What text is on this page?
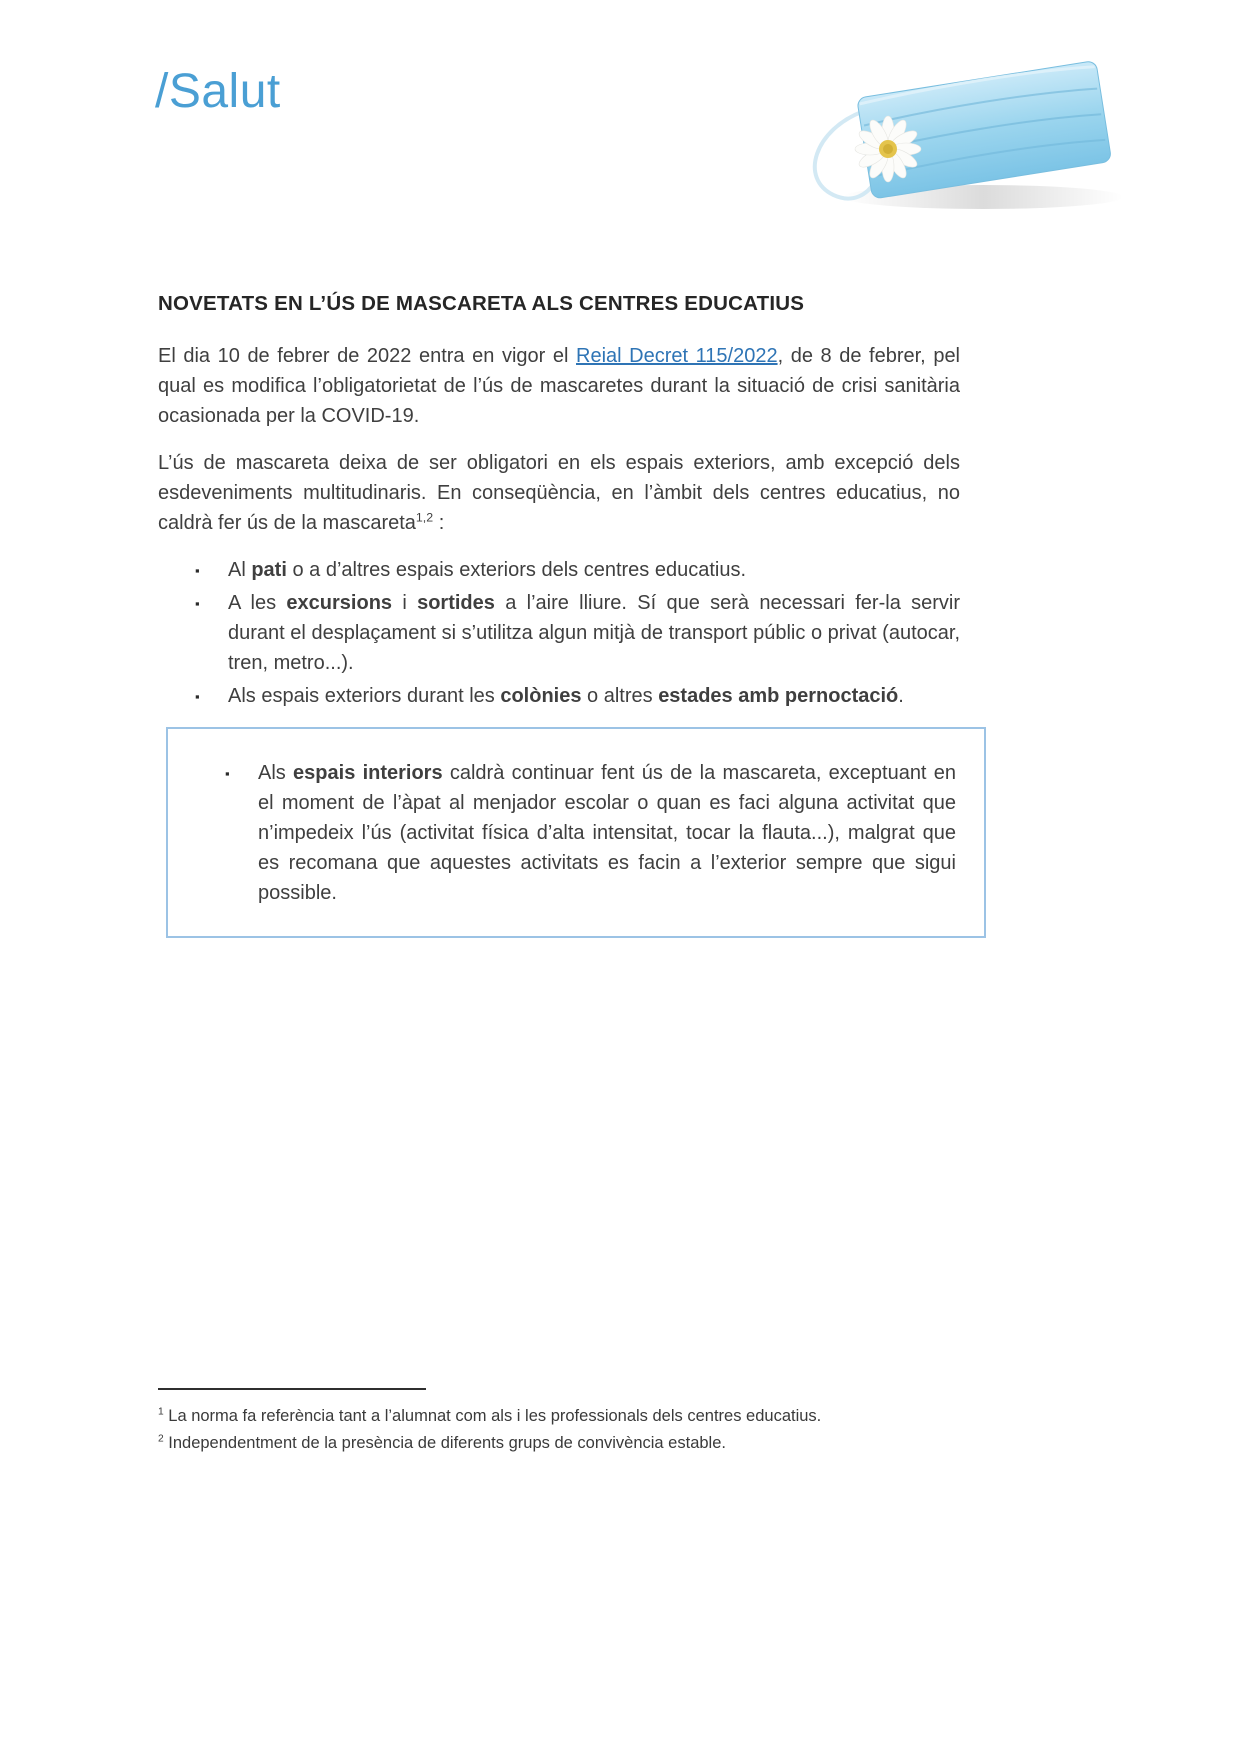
/Salut
NOVETATS EN L’ÚS DE MASCARETA ALS CENTRES EDUCATIUS

El dia 10 de febrer de 2022 entra en vigor el Reial Decret 115/2022, de 8 de febrer, pel qual es modifica l’obligatorietat de l’ús de mascaretes durant la situació de crisi sanitària ocasionada per la COVID-19.

L’ús de mascareta deixa de ser obligatori en els espais exteriors, amb excepció dels esdeveniments multitudinaris. En conseqüència, en l’àmbit dels centres educatius, no caldrà fer ús de la mascareta$^{1,2}$ :

▪ Al pati o a d’altres espais exteriors dels centres educatius.
▪ A les excursions i sortides a l’aire lliure. Sí que serà necessari fer-la servir durant el desplaçament si s’utilitza algun mitjà de transport públic o privat (autocar, tren, metro...).
▪ Als espais exteriors durant les colònies o altres estades amb pernoctació.
▪ Als espais interiors caldrà continuar fent ús de la mascareta, exceptuant en el moment de l’àpat al menjador escolar o quan es faci alguna activitat que n’impedeix l’ús (activitat física d’alta intensitat, tocar la flauta...), malgrat que es recomana que aquestes activitats es facin a l’exterior sempre que sigui possible.

$^1$ La norma fa referència tant a l’alumnat com als i les professionals dels centres educatius.

$^2$ Independentment de la presència de diferents grups de convivència estable.
